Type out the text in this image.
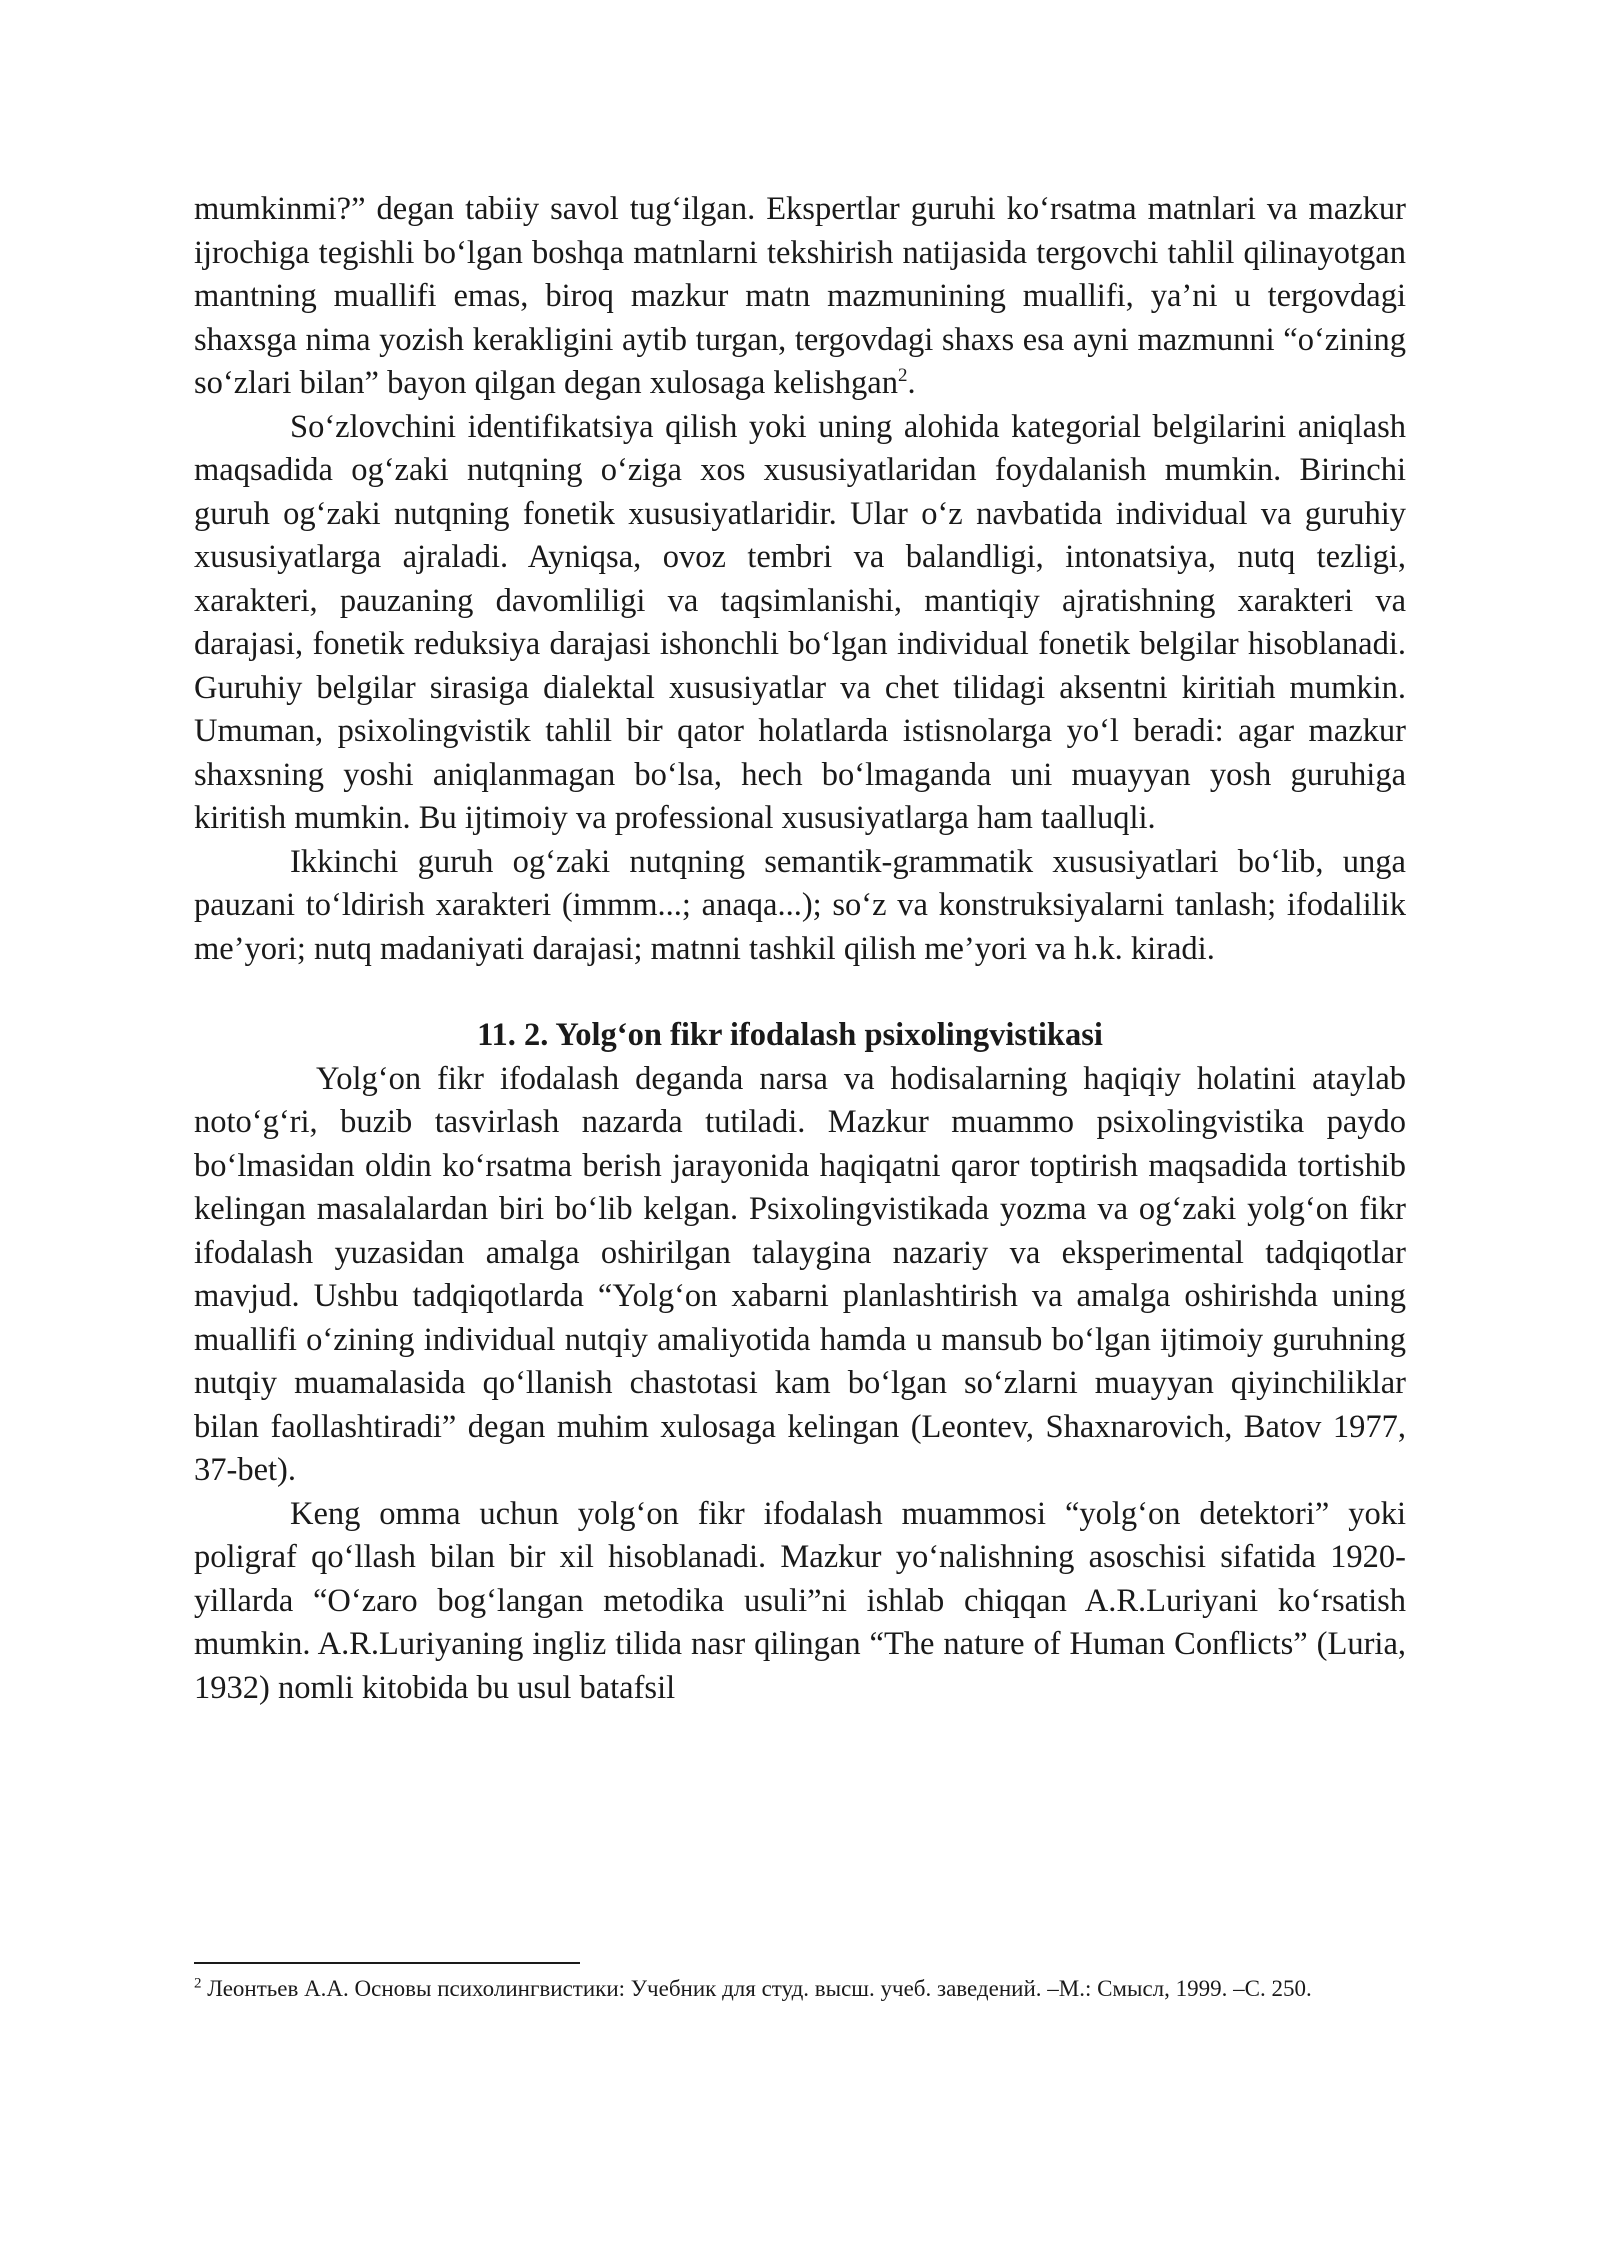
mumkinmi?” degan tabiiy savol tug‘ilgan. Ekspertlar guruhi ko‘rsatma matnlari va mazkur ijrochiga tegishli bo‘lgan boshqa matnlarni tekshirish natijasida tergovchi tahlil qilinayotgan mantning muallifi emas, biroq mazkur matn mazmunining muallifi, ya’ni u tergovdagi shaxsga nima yozish kerakligini aytib turgan, tergovdagi shaxs esa ayni mazmunni “o‘zining so‘zlari bilan” bayon qilgan degan xulosaga kelishgan$^2$.

So‘zlovchini identifikatsiya qilish yoki uning alohida kategorial belgilarini aniqlash maqsadida og‘zaki nutqning o‘ziga xos xususiyatlaridan foydalanish mumkin. Birinchi guruh og‘zaki nutqning fonetik xususiyatlaridir. Ular o‘z navbatida individual va guruhiy xususiyatlarga ajraladi. Ayniqsa, ovoz tembri va balandligi, intonatsiya, nutq tezligi, xarakteri, pauzaning davomliligi va taqsimlanishi, mantiqiy ajratishning xarakteri va darajasi, fonetik reduksiya darajasi ishonchli bo‘lgan individual fonetik belgilar hisoblanadi. Guruhiy belgilar sirasiga dialektal xususiyatlar va chet tilidagi aksentni kiritiah mumkin. Umuman, psixolingvistik tahlil bir qator holatlarda istisnolarga yo‘l beradi: agar mazkur shaxsning yoshi aniqlanmagan bo‘lsa, hech bo‘lmaganda uni muayyan yosh guruhiga kiritish mumkin. Bu ijtimoiy va professional xususiyatlarga ham taalluqli.

Ikkinchi guruh og‘zaki nutqning semantik-grammatik xususiyatlari bo‘lib, unga pauzani to‘ldirish xarakteri (immm...; anaqa...); so‘z va konstruksiyalarni tanlash; ifodalilik me’yori; nutq madaniyati darajasi; matnni tashkil qilish me’yori va h.k. kiradi.

11. 2. Yolg‘on fikr ifodalash psixolingvistikasi

Yolg‘on fikr ifodalash deganda narsa va hodisalarning haqiqiy holatini ataylab noto‘g‘ri, buzib tasvirlash nazarda tutiladi. Mazkur muammo psixolingvistika paydo bo‘lmasidan oldin ko‘rsatma berish jarayonida haqiqatni qaror toptirish maqsadida tortishib kelingan masalalardan biri bo‘lib kelgan. Psixolingvistikada yozma va og‘zaki yolg‘on fikr ifodalash yuzasidan amalga oshirilgan talaygina nazariy va eksperimental tadqiqotlar mavjud. Ushbu tadqiqotlarda “Yolg‘on xabarni planlashtirish va amalga oshirishda uning muallifi o‘zining individual nutqiy amaliyotida hamda u mansub bo‘lgan ijtimoiy guruhning nutqiy muamalasida qo‘llanish chastotasi kam bo‘lgan so‘zlarni muayyan qiyinchiliklar bilan faollashtiradi” degan muhim xulosaga kelingan (Leontev, Shaxnarovich, Batov 1977, 37-bet).

Keng omma uchun yolg‘on fikr ifodalash muammosi “yolg‘on detektori” yoki poligraf qo‘llash bilan bir xil hisoblanadi. Mazkur yo‘nalishning asoschisi sifatida 1920-yillarda “O‘zaro bog‘langan metodika usuli”ni ishlab chiqqan A.R.Luriyani ko‘rsatish mumkin. A.R.Luriyaning ingliz tilida nasr qilingan “The nature of Human Conflicts” (Luria, 1932) nomli kitobida bu usul batafsil

$^2$ Леонтьев А.А. Основы психолингвистики: Учебник для студ. высш. учеб. заведений. –М.: Смысл, 1999. –С. 250.
